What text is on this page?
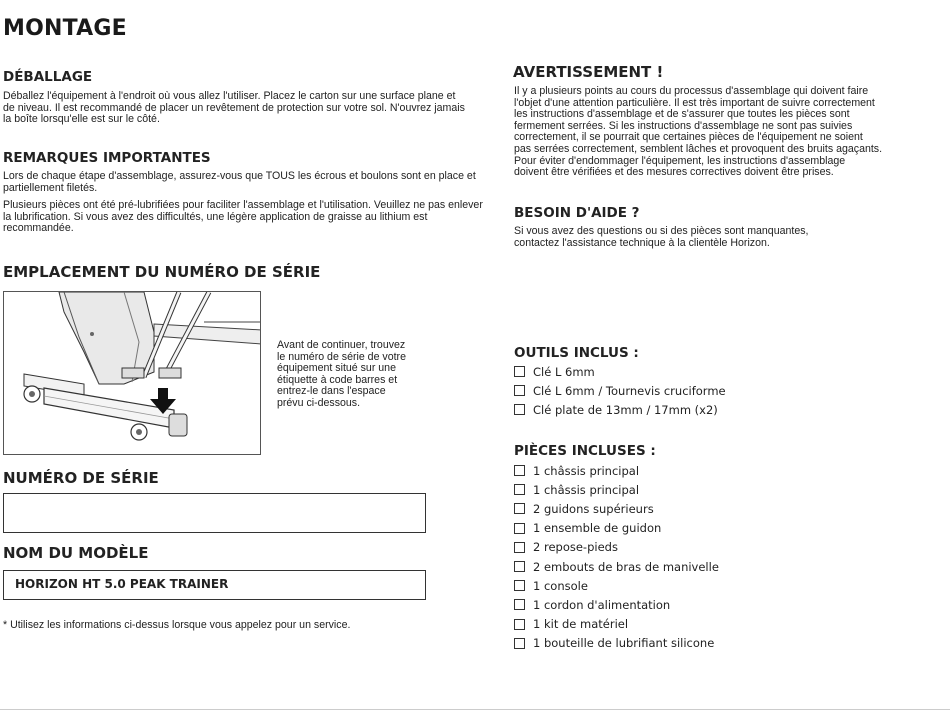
MONTAGE
DÉBALLAGE
Déballez l'équipement à l'endroit où vous allez l'utiliser. Placez le carton sur une surface plane et
de niveau. Il est recommandé de placer un revêtement de protection sur votre sol. N'ouvrez jamais
la boîte lorsqu'elle est sur le côté.
REMARQUES IMPORTANTES
Lors de chaque étape d'assemblage, assurez-vous que TOUS les écrous et boulons sont en place et
partiellement filetés.
Plusieurs pièces ont été pré-lubrifiées pour faciliter l'assemblage et l'utilisation. Veuillez ne pas enlever
la lubrification. Si vous avez des difficultés, une légère application de graisse au lithium est recommandée.
AVERTISSEMENT !
Il y a plusieurs points au cours du processus d'assemblage qui doivent faire
l'objet d'une attention particulière. Il est très important de suivre correctement
les instructions d'assemblage et de s'assurer que toutes les pièces sont
fermement serrées. Si les instructions d'assemblage ne sont pas suivies
correctement, il se pourrait que certaines pièces de l'équipement ne soient
pas serrées correctement, semblent lâches et provoquent des bruits agaçants.
Pour éviter d'endommager l'équipement, les instructions d'assemblage
doivent être vérifiées et des mesures correctives doivent être prises.
BESOIN D'AIDE ?
Si vous avez des questions ou si des pièces sont manquantes,
contactez l'assistance technique à la clientèle Horizon.
EMPLACEMENT DU NUMÉRO DE SÉRIE
Avant de continuer, trouvez
le numéro de série de votre
équipement situé sur une
étiquette à code barres et
entrez-le dans l'espace
prévu ci-dessous.
NUMÉRO DE SÉRIE
NOM DU MODÈLE
HORIZON HT 5.0 PEAK TRAINER
* Utilisez les informations ci-dessus lorsque vous appelez pour un service.
OUTILS INCLUS :
Clé L 6mm
Clé L 6mm / Tournevis cruciforme
Clé plate de 13mm / 17mm (x2)
PIÈCES INCLUSES :
1 châssis principal
1 châssis principal
2 guidons supérieurs
1 ensemble de guidon
2 repose-pieds
2 embouts de bras de manivelle
1 console
1 cordon d'alimentation
1 kit de matériel
1 bouteille de lubrifiant silicone
